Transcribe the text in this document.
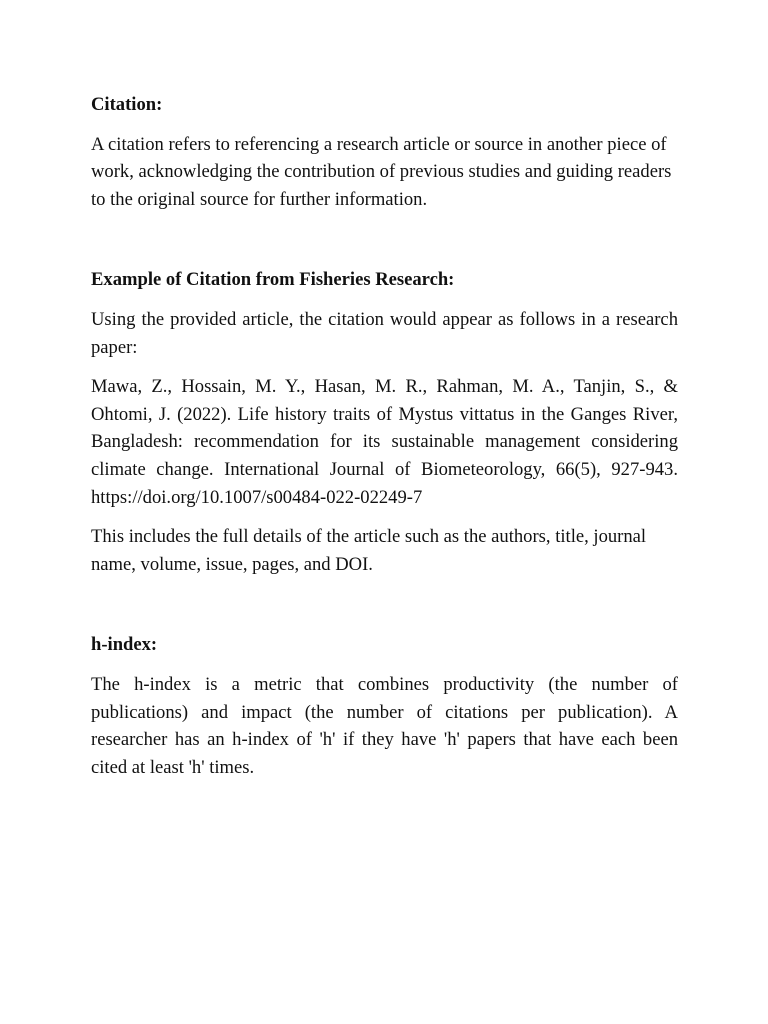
Citation:

A citation refers to referencing a research article or source in another piece of work, acknowledging the contribution of previous studies and guiding readers to the original source for further information.

Example of Citation from Fisheries Research:

Using the provided article, the citation would appear as follows in a research paper:

Mawa, Z., Hossain, M. Y., Hasan, M. R., Rahman, M. A., Tanjin, S., & Ohtomi, J. (2022). Life history traits of Mystus vittatus in the Ganges River, Bangladesh: recommendation for its sustainable management considering climate change. International Journal of Biometeorology, 66(5), 927-943. https://doi.org/10.1007/s00484-022-02249-7

This includes the full details of the article such as the authors, title, journal name, volume, issue, pages, and DOI.

h-index:

The h-index is a metric that combines productivity (the number of publications) and impact (the number of citations per publication). A researcher has an h-index of 'h' if they have 'h' papers that have each been cited at least 'h' times.
